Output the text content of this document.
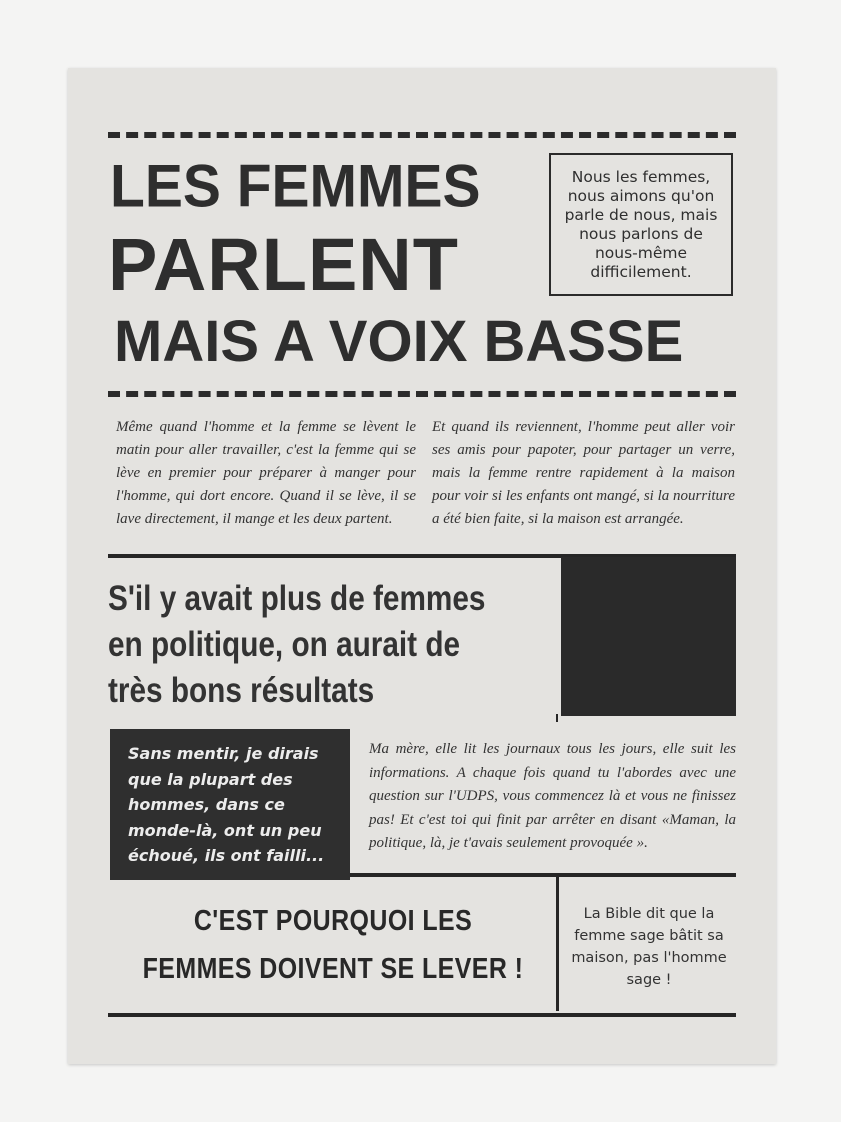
LES FEMMES
PARLENT
MAIS A VOIX BASSE
Nous les femmes, nous aimons qu'on parle de nous, mais nous parlons de nous-même difficilement.
Même quand l'homme et la femme se lèvent le matin pour aller travailler, c'est la femme qui se lève en premier pour préparer à manger pour l'homme, qui dort encore. Quand il se lève, il se lave directement, il mange et les deux partent.
Et quand ils reviennent, l'homme peut aller voir ses amis pour papoter, pour partager un verre, mais la femme rentre rapidement à la maison pour voir si les enfants ont mangé, si la nourriture a été bien faite, si la maison est arrangée.
S'il y avait plus de femmes en politique, on aurait de très bons résultats
Sans mentir, je dirais que la plupart des hommes, dans ce monde-là, ont un peu échoué, ils ont failli...
Ma mère, elle lit les journaux tous les jours, elle suit les informations. A chaque fois quand tu l'abordes avec une question sur l'UDPS, vous commencez là et vous ne finissez pas! Et c'est toi qui finit par arrêter en disant «Maman, la politique, là, je t'avais seulement provoquée ».
C'EST POURQUOI LES FEMMES DOIVENT SE LEVER !
La Bible dit que la femme sage bâtit sa maison, pas l'homme sage !
